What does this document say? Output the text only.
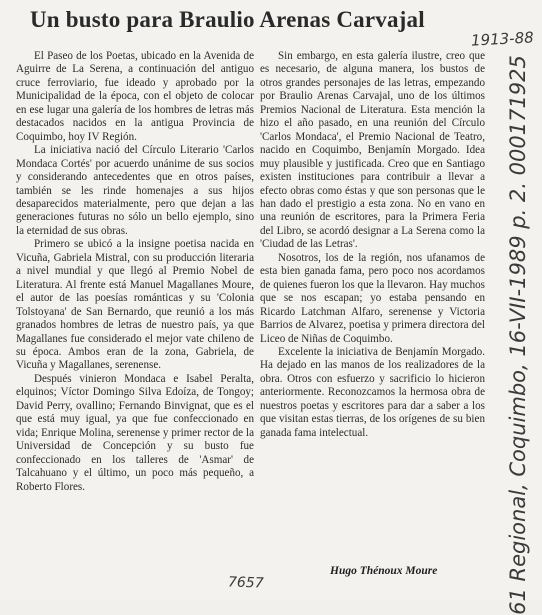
Un busto para Braulio Arenas Carvajal
1913-88

El Paseo de los Poetas, ubicado en la Avenida de Aguirre de La Serena, a continuación del antiguo cruce ferroviario, fue ideado y aprobado por la Municipalidad de la época, con el objeto de colocar en ese lugar una galería de los hombres de letras más destacados nacidos en la antigua Provincia de Coquimbo, hoy IV Región.

La iniciativa nació del Círculo Literario 'Carlos Mondaca Cortés' por acuerdo unánime de sus socios y considerando antecedentes que en otros países, también se les rinde homenajes a sus hijos desaparecidos materialmente, pero que dejan a las generaciones futuras no sólo un bello ejemplo, sino la eternidad de sus obras.

Primero se ubicó a la insigne poetisa nacida en Vicuña, Gabriela Mistral, con su producción literaria a nivel mundial y que llegó al Premio Nobel de Literatura. Al frente está Manuel Magallanes Moure, el autor de las poesías románticas y su 'Colonia Tolstoyana' de San Bernardo, que reunió a los más granados hombres de letras de nuestro país, ya que Magallanes fue considerado el mejor vate chileno de su época. Ambos eran de la zona, Gabriela, de Vicuña y Magallanes, serenense.

Después vinieron Mondaca e Isabel Peralta, elquinos; Víctor Domingo Silva Edoíza, de Tongoy; David Perry, ovallino; Fernando Binvignat, que es el que está muy igual, ya que fue confeccionado en vida; Enrique Molina, serenense y primer rector de la Universidad de Concepción y su busto fue confeccionado en los talleres de 'Asmar' de Talcahuano y el último, un poco más pequeño, a Roberto Flores.

Sin embargo, en esta galería ilustre, creo que es necesario, de alguna manera, los bustos de otros grandes personajes de las letras, empezando por Braulio Arenas Carvajal, uno de los últimos Premios Nacional de Literatura. Esta mención la hizo el año pasado, en una reunión del Círculo 'Carlos Mondaca', el Premio Nacional de Teatro, nacido en Coquimbo, Benjamín Morgado. Idea muy plausible y justificada. Creo que en Santiago existen instituciones para contribuir a llevar a efecto obras como éstas y que son personas que le han dado el prestigio a esta zona. No en vano en una reunión de escritores, para la Primera Feria del Libro, se acordó designar a La Serena como la 'Ciudad de las Letras'.

Nosotros, los de la región, nos ufanamos de esta bien ganada fama, pero poco nos acordamos de quienes fueron los que la llevaron. Hay muchos que se nos escapan; yo estaba pensando en Ricardo Latchman Alfaro, serenense y Victoria Barrios de Alvarez, poetisa y primera directora del Liceo de Niñas de Coquimbo.

Excelente la iniciativa de Benjamín Morgado. Ha dejado en las manos de los realizadores de la obra. Otros con esfuerzo y sacrificio lo hicieron anteriormente. Reconozcamos la hermosa obra de nuestros poetas y escritores para dar a saber a los que visitan estas tierras, de los orígenes de su bien ganada fama intelectual.

Hugo Thénoux Moure	61 Regional, Coquimbo, 16-VII-1989 p. 2. 000171925
7657
